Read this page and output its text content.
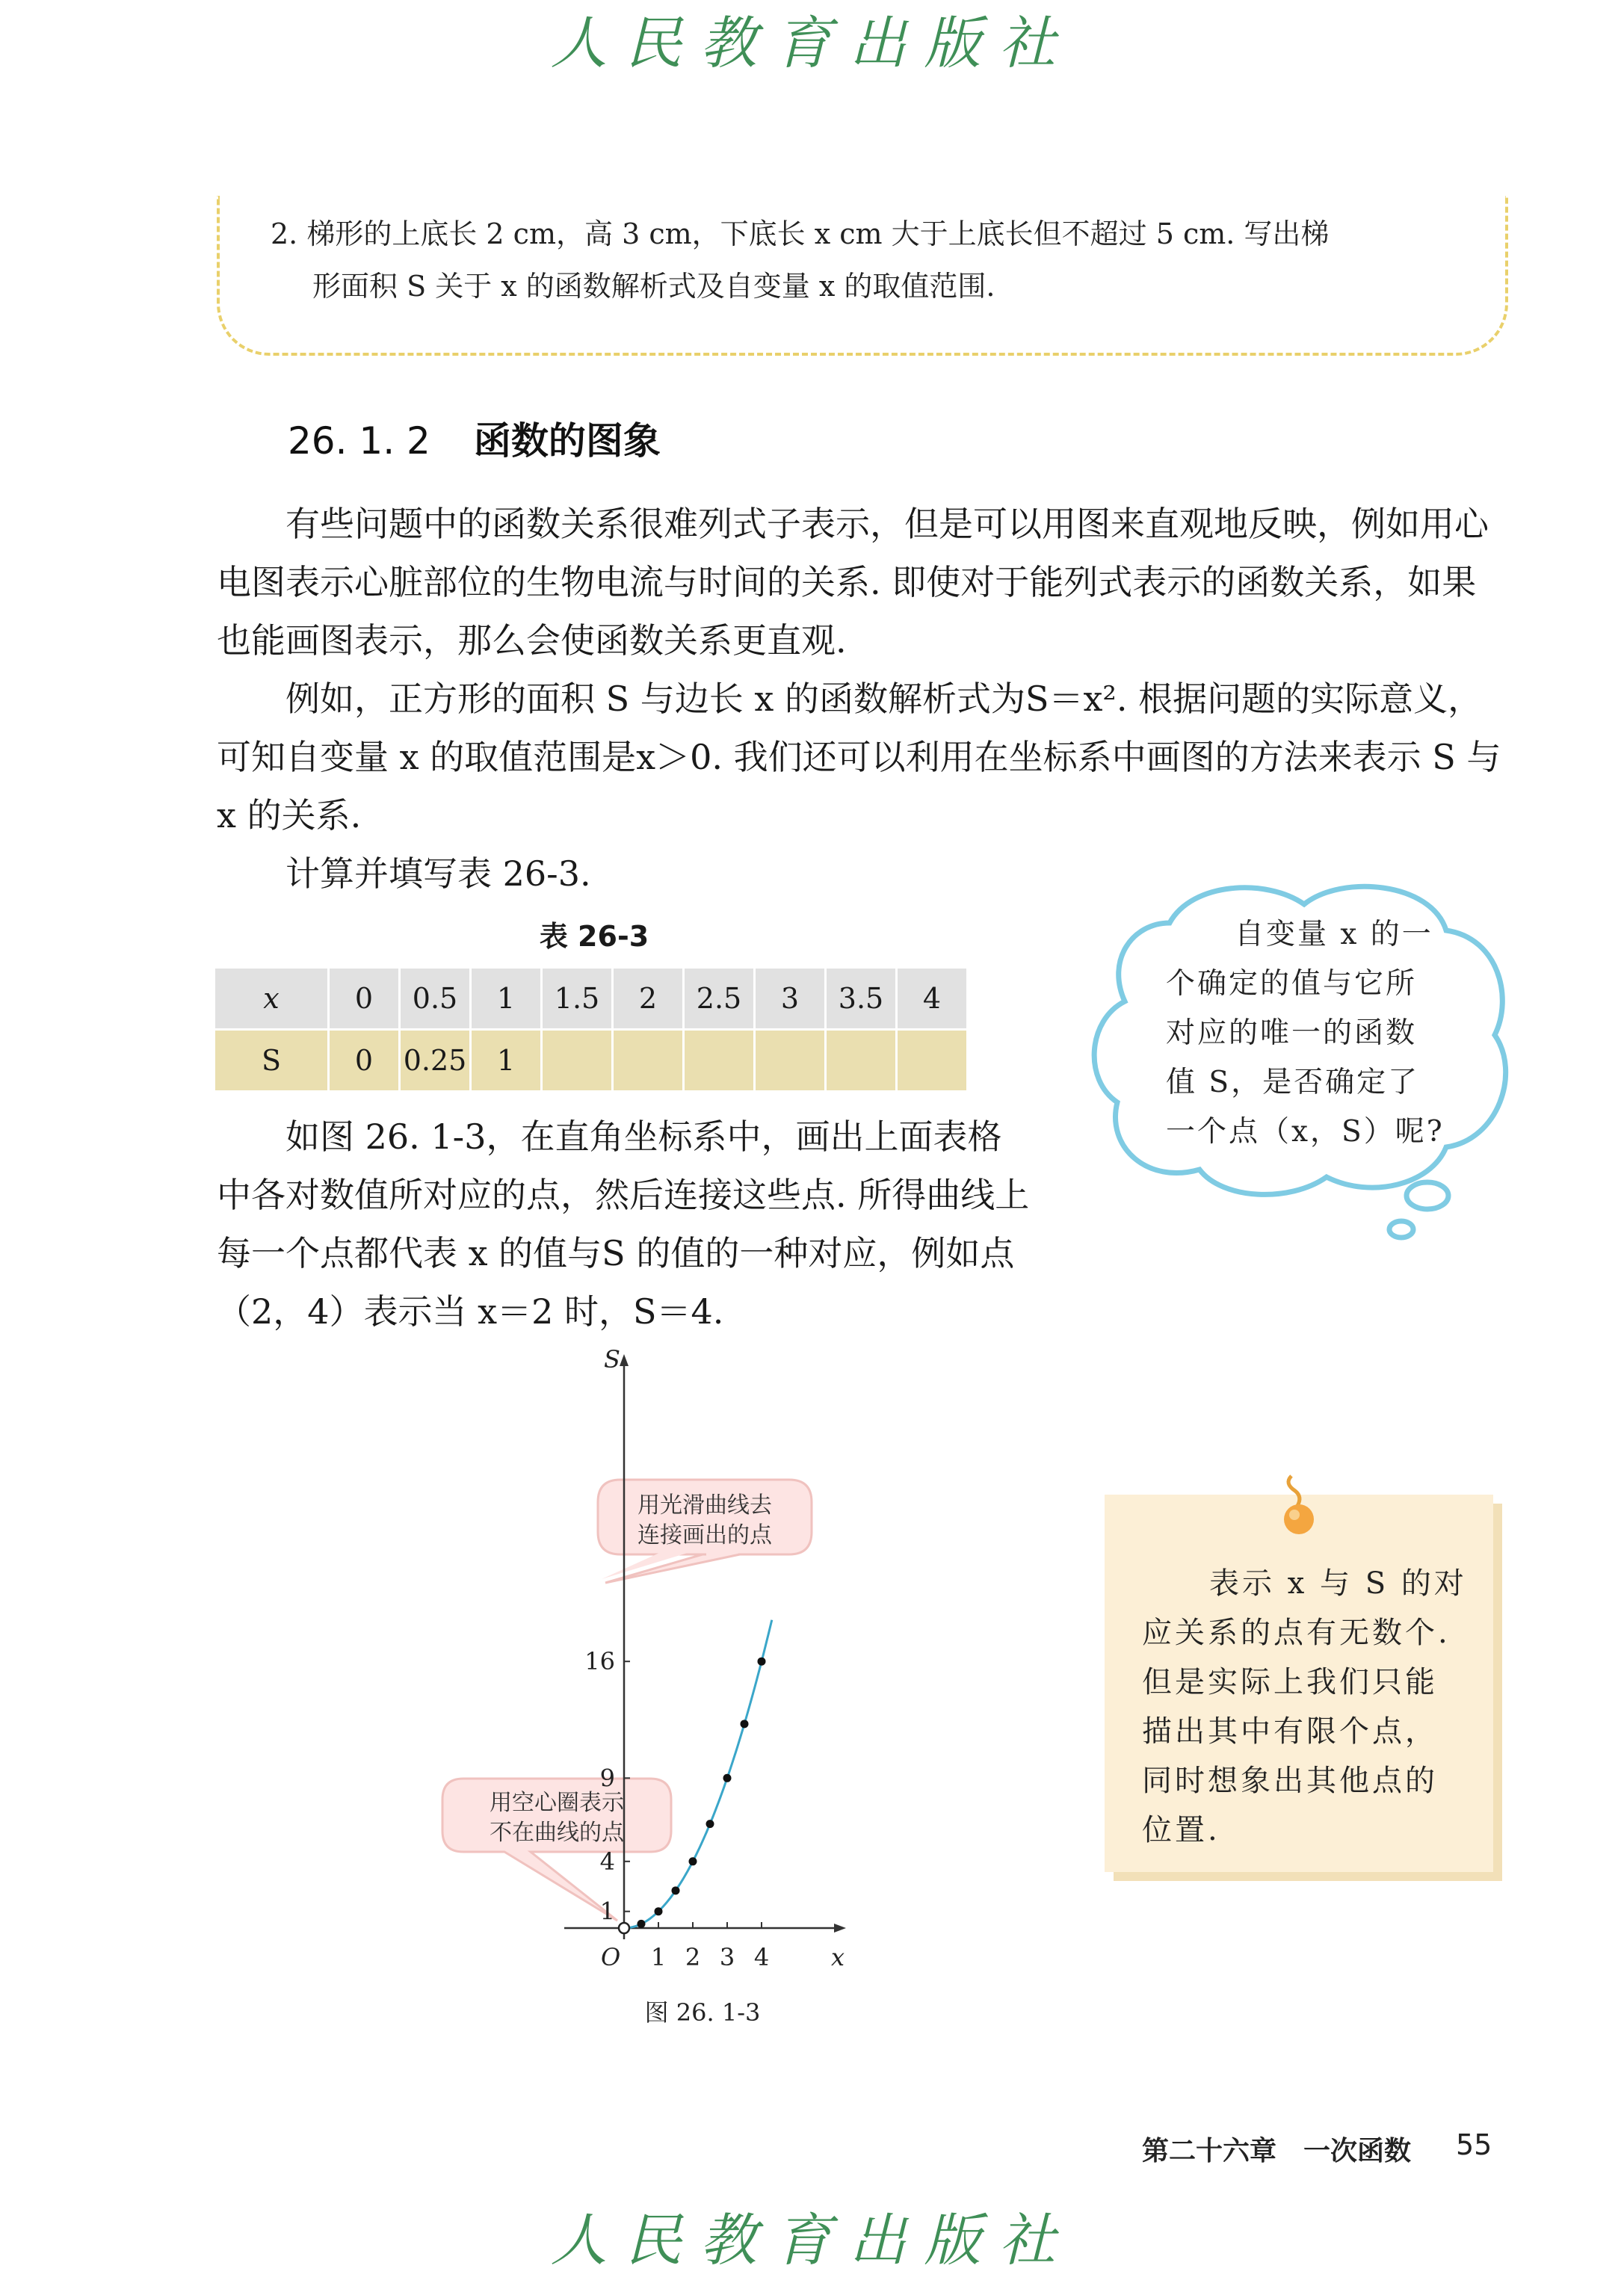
人民教育出版社
2. 梯形的上底长 2 cm，高 3 cm，下底长 x cm 大于上底长但不超过 5 cm. 写出梯
形面积 S 关于 x 的函数解析式及自变量 x 的取值范围.
26. 1. 2 函数的图象

有些问题中的函数关系很难列式子表示，但是可以用图来直观地反映，例如用心电图表示心脏部位的生物电流与时间的关系. 即使对于能列式表示的函数关系，如果也能画图表示，那么会使函数关系更直观.

例如，正方形的面积 S 与边长 x 的函数解析式为S＝x². 根据问题的实际意义，可知自变量 x 的取值范围是x＞0. 我们还可以利用在坐标系中画图的方法来表示 S 与 x 的关系.

计算并填写表 26-3.

表 26-3
x	0	0.5	1	1.5	2	2.5	3	3.5	4
S	0	0.25	1						
自变量 x 的一
个确定的值与它所
对应的唯一的函数
值 S，是否确定了
一个点（x，S）呢?

如图 26. 1-3，在直角坐标系中，画出上面表格中各对数值所对应的点，然后连接这些点. 所得曲线上每一个点都代表 x 的值与S 的值的一种对应，例如点（2，4）表示当 x＝2 时，S＝4.

用光滑曲线去
连接画出的点
用空心圈表示
不在曲线的点
x
S
O 1 2 3 4
1
4
9
16
图 26. 1-3
表示 x 与 S 的对
应关系的点有无数个.
但是实际上我们只能
描出其中有限个点，
同时想象出其他点的
位置.
第二十六章　一次函数 55
人民教育出版社
